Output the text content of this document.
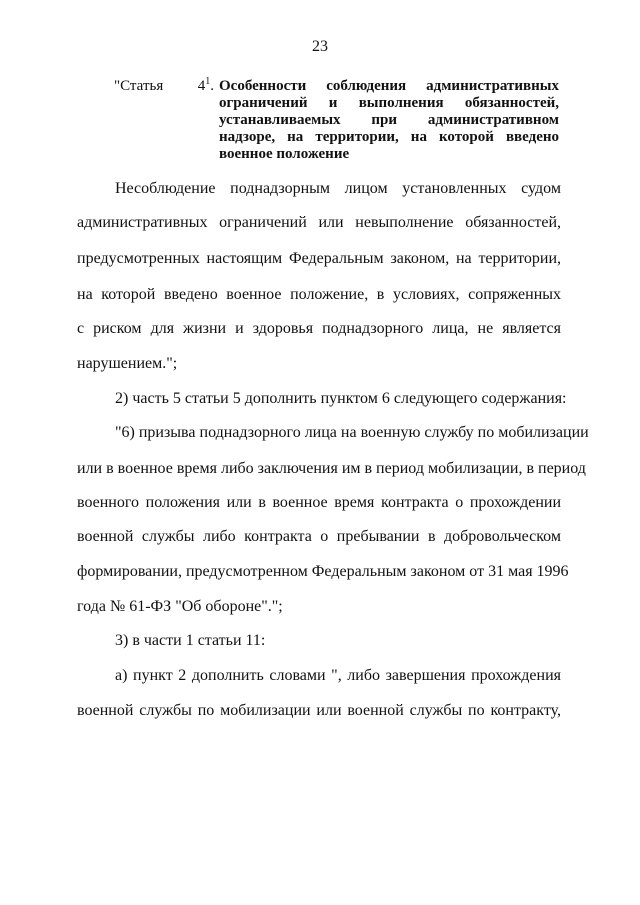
23
"Статья $4^1$. Особенности соблюдения административных
ограничений и выполнения обязанностей,
устанавливаемых при административном
надзоре, на территории, на которой введено
военное положение
Несоблюдение поднадзорным лицом установленных судом
административных ограничений или невыполнение обязанностей,
предусмотренных настоящим Федеральным законом, на территории,
на которой введено военное положение, в условиях, сопряженных
с риском для жизни и здоровья поднадзорного лица, не является
нарушением.";
2) часть 5 статьи 5 дополнить пунктом 6 следующего содержания:
"6) призыва поднадзорного лица на военную службу по мобилизации
или в военное время либо заключения им в период мобилизации, в период
военного положения или в военное время контракта о прохождении
военной службы либо контракта о пребывании в добровольческом
формировании, предусмотренном Федеральным законом от 31 мая 1996
года № 61-ФЗ "Об обороне".";
3) в части 1 статьи 11:
а) пункт 2 дополнить словами ", либо завершения прохождения
военной службы по мобилизации или военной службы по контракту,
